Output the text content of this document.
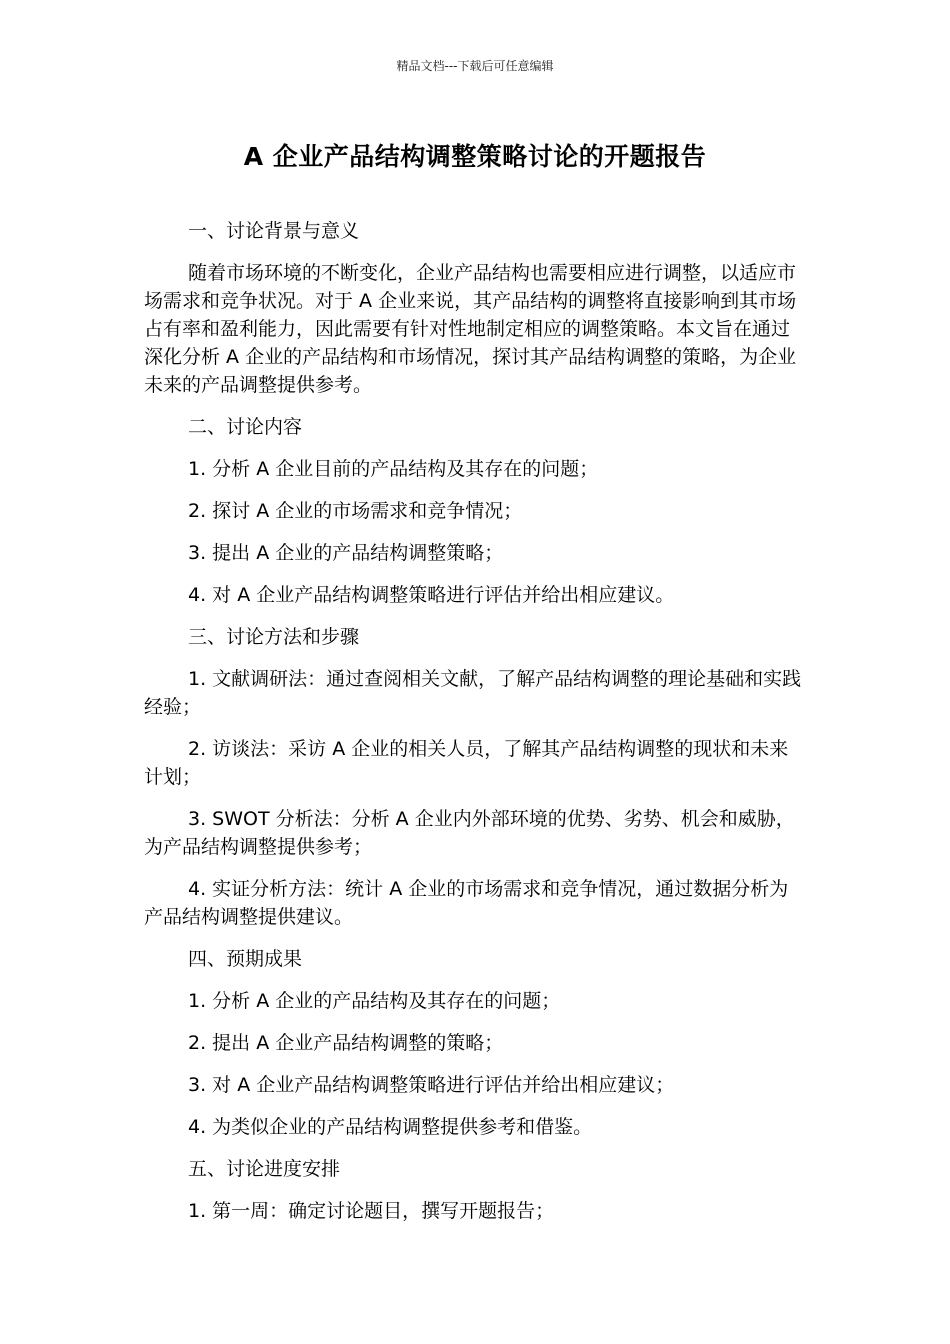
精品文档---下载后可任意编辑
A 企业产品结构调整策略讨论的开题报告

一、讨论背景与意义

随着市场环境的不断变化，企业产品结构也需要相应进行调整，以适应市场需求和竞争状况。对于 A 企业来说，其产品结构的调整将直接影响到其市场占有率和盈利能力，因此需要有针对性地制定相应的调整策略。本文旨在通过深化分析 A 企业的产品结构和市场情况，探讨其产品结构调整的策略，为企业未来的产品调整提供参考。

二、讨论内容

1. 分析 A 企业目前的产品结构及其存在的问题；

2. 探讨 A 企业的市场需求和竞争情况；

3. 提出 A 企业的产品结构调整策略；

4. 对 A 企业产品结构调整策略进行评估并给出相应建议。

三、讨论方法和步骤

1. 文献调研法：通过查阅相关文献，了解产品结构调整的理论基础和实践经验；

2. 访谈法：采访 A 企业的相关人员，了解其产品结构调整的现状和未来计划；

3. SWOT 分析法：分析 A 企业内外部环境的优势、劣势、机会和威胁，为产品结构调整提供参考；

4. 实证分析方法：统计 A 企业的市场需求和竞争情况，通过数据分析为产品结构调整提供建议。

四、预期成果

1. 分析 A 企业的产品结构及其存在的问题；

2. 提出 A 企业产品结构调整的策略；

3. 对 A 企业产品结构调整策略进行评估并给出相应建议；

4. 为类似企业的产品结构调整提供参考和借鉴。

五、讨论进度安排

1. 第一周：确定讨论题目，撰写开题报告；
